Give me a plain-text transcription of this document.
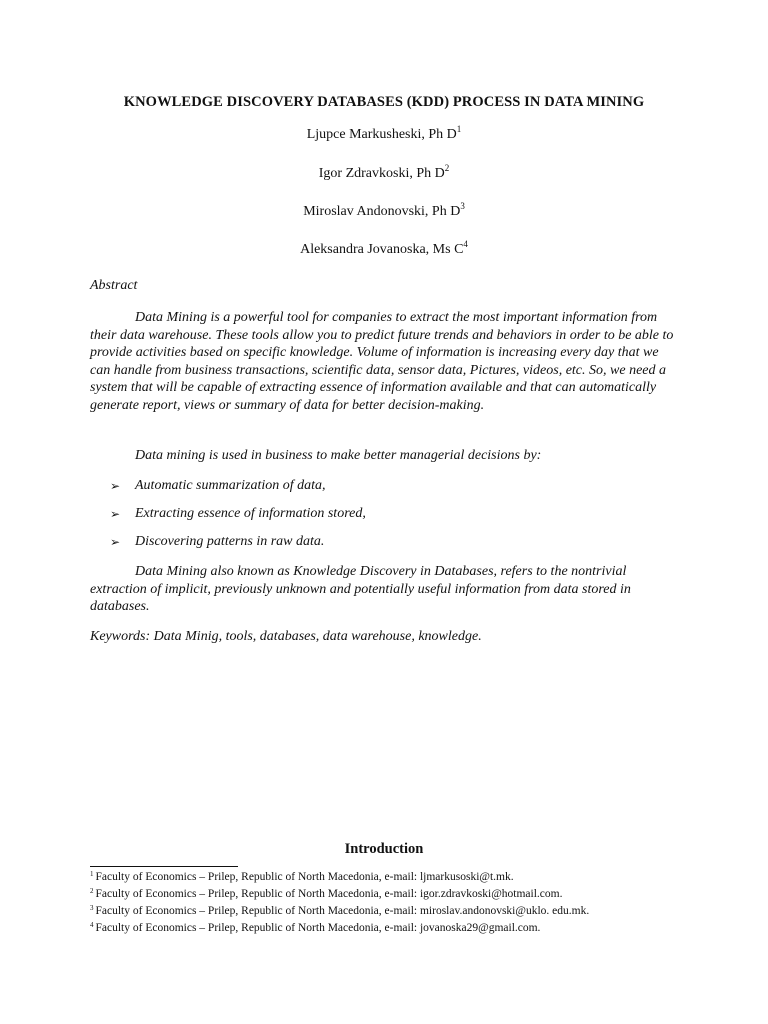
KNOWLEDGE DISCOVERY DATABASES (KDD) PROCESS IN DATA MINING
Ljupce Markusheski, Ph $D^1$
Igor Zdravkoski, Ph $D^2$
Miroslav Andonovski, Ph $D^3$
Aleksandra Jovanoska, Ms $C^4$
Abstract

Data Mining is a powerful tool for companies to extract the most important information from their data warehouse. These tools allow you to predict future trends and behaviors in order to be able to provide activities based on specific knowledge. Volume of information is increasing every day that we can handle from business transactions, scientific data, sensor data, Pictures, videos, etc. So, we need a system that will be capable of extracting essence of information available and that can automatically generate report, views or summary of data for better decision-making.

Data mining is used in business to make better managerial decisions by:

➢	Automatic summarization of data,
➢	Extracting essence of information stored,
➢	Discovering patterns in raw data.

Data Mining also known as Knowledge Discovery in Databases, refers to the nontrivial extraction of implicit, previously unknown and potentially useful information from data stored in databases.

Keywords: Data Minig, tools, databases, data warehouse, knowledge.
Introduction
$^1$ Faculty of Economics – Prilep, Republic of North Macedonia, e-mail: ljmarkusoski@t.mk.
$^2$ Faculty of Economics – Prilep, Republic of North Macedonia, e-mail: igor.zdravkoski@hotmail.com.
$^3$ Faculty of Economics – Prilep, Republic of North Macedonia, e-mail: miroslav.andonovski@uklo. edu.mk.
$^4$ Faculty of Economics – Prilep, Republic of North Macedonia, e-mail: jovanoska29@gmail.com.
